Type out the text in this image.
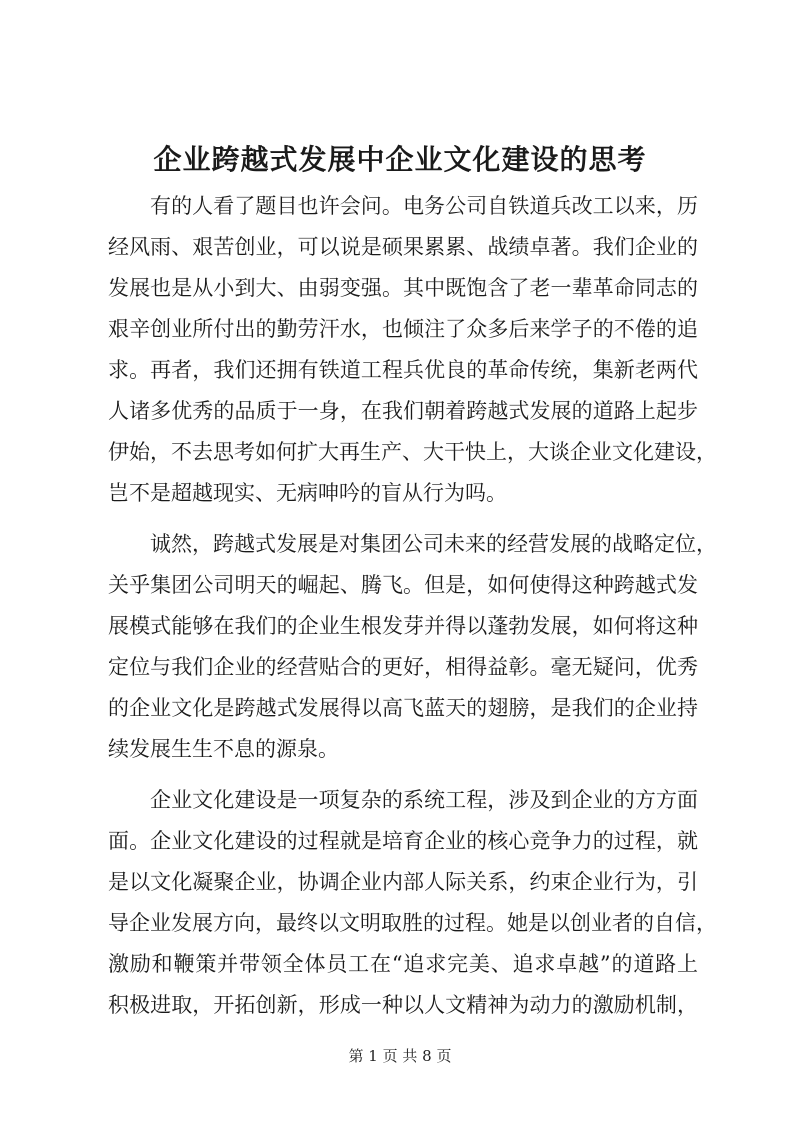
企业跨越式发展中企业文化建设的思考

有的人看了题目也许会问。电务公司自铁道兵改工以来，历
经风雨、艰苦创业，可以说是硕果累累、战绩卓著。我们企业的
发展也是从小到大、由弱变强。其中既饱含了老一辈革命同志的
艰辛创业所付出的勤劳汗水，也倾注了众多后来学子的不倦的追
求。再者，我们还拥有铁道工程兵优良的革命传统，集新老两代
人诸多优秀的品质于一身，在我们朝着跨越式发展的道路上起步
伊始，不去思考如何扩大再生产、大干快上，大谈企业文化建设，
岂不是超越现实、无病呻吟的盲从行为吗。

诚然，跨越式发展是对集团公司未来的经营发展的战略定位，
关乎集团公司明天的崛起、腾飞。但是，如何使得这种跨越式发
展模式能够在我们的企业生根发芽并得以蓬勃发展，如何将这种
定位与我们企业的经营贴合的更好，相得益彰。毫无疑问，优秀
的企业文化是跨越式发展得以高飞蓝天的翅膀，是我们的企业持
续发展生生不息的源泉。

企业文化建设是一项复杂的系统工程，涉及到企业的方方面
面。企业文化建设的过程就是培育企业的核心竞争力的过程，就
是以文化凝聚企业，协调企业内部人际关系，约束企业行为，引
导企业发展方向，最终以文明取胜的过程。她是以创业者的自信，
激励和鞭策并带领全体员工在“追求完美、追求卓越”的道路上
积极进取，开拓创新，形成一种以人文精神为动力的激励机制，

第 1 页 共 8 页
